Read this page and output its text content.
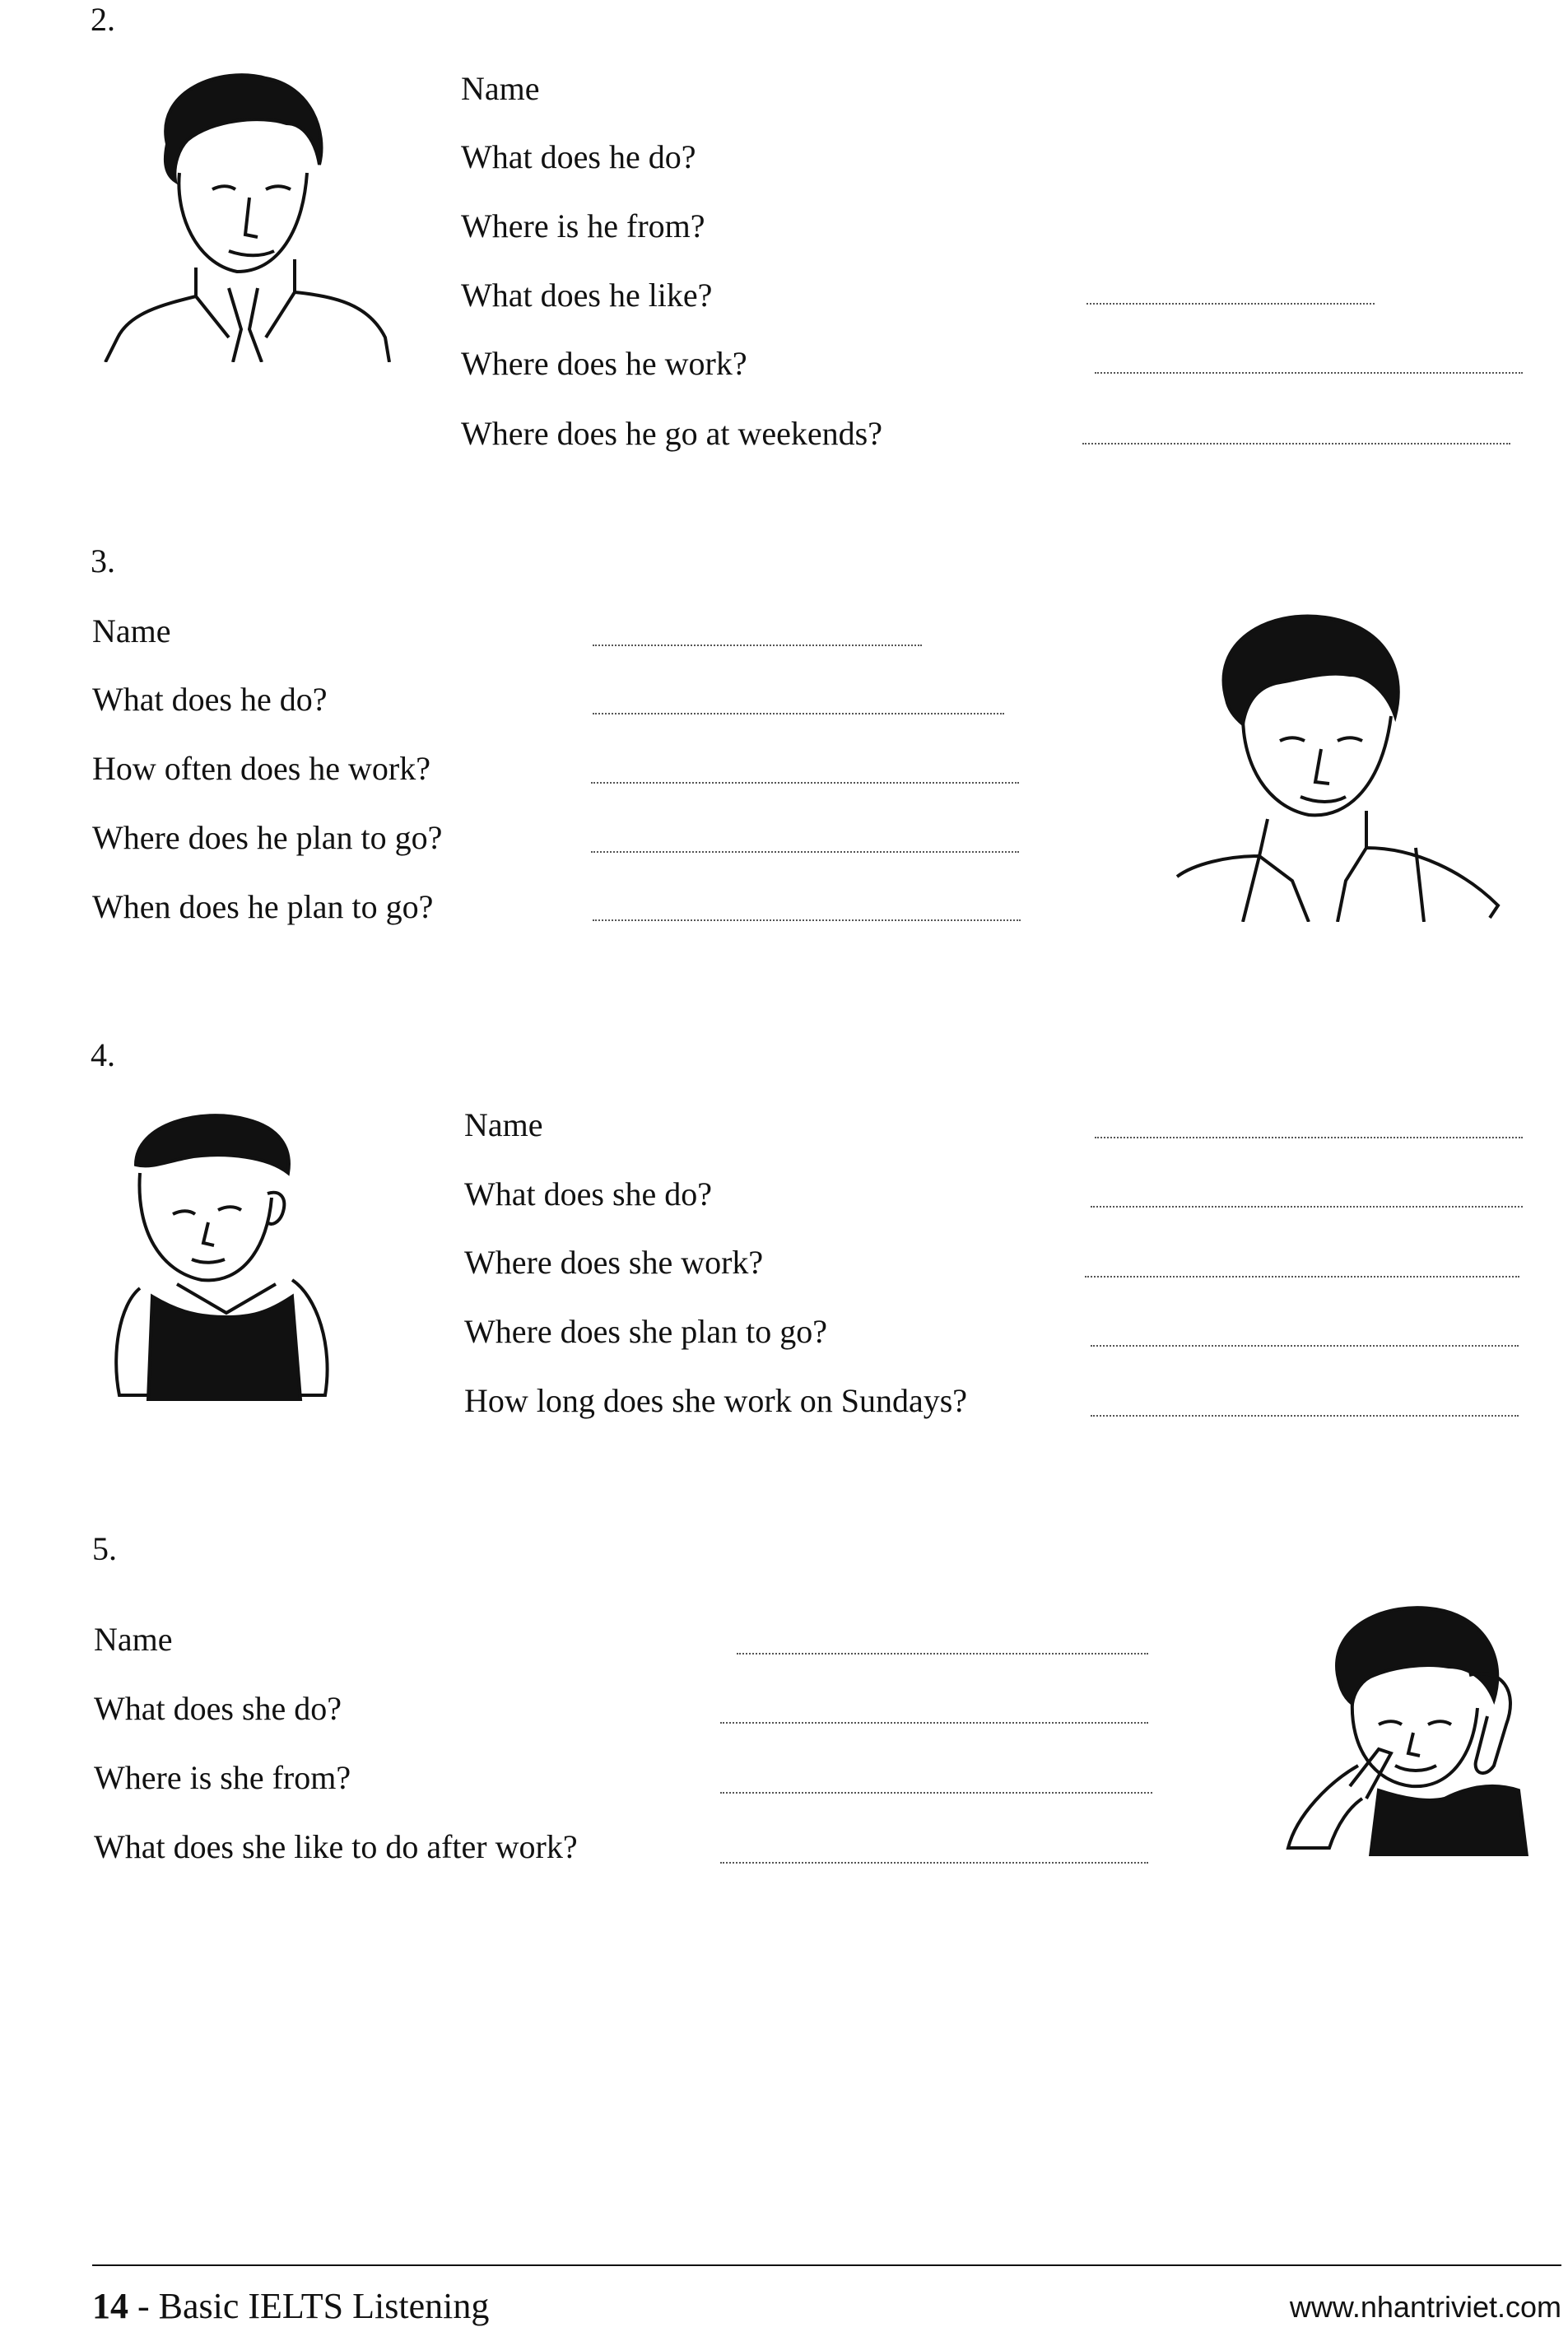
2.
Name
What does he do?
Where is he from?
What does he like?
Where does he work?
Where does he go at weekends?
3.
Name
What does he do?
How often does he work?
Where does he plan to go?
When does he plan to go?
4.
Name
What does she do?
Where does she work?
Where does she plan to go?
How long does she work on Sundays?
5.
Name
What does she do?
Where is she from?
What does she like to do after work?
14 - Basic IELTS Listening	www.nhantriviet.com
